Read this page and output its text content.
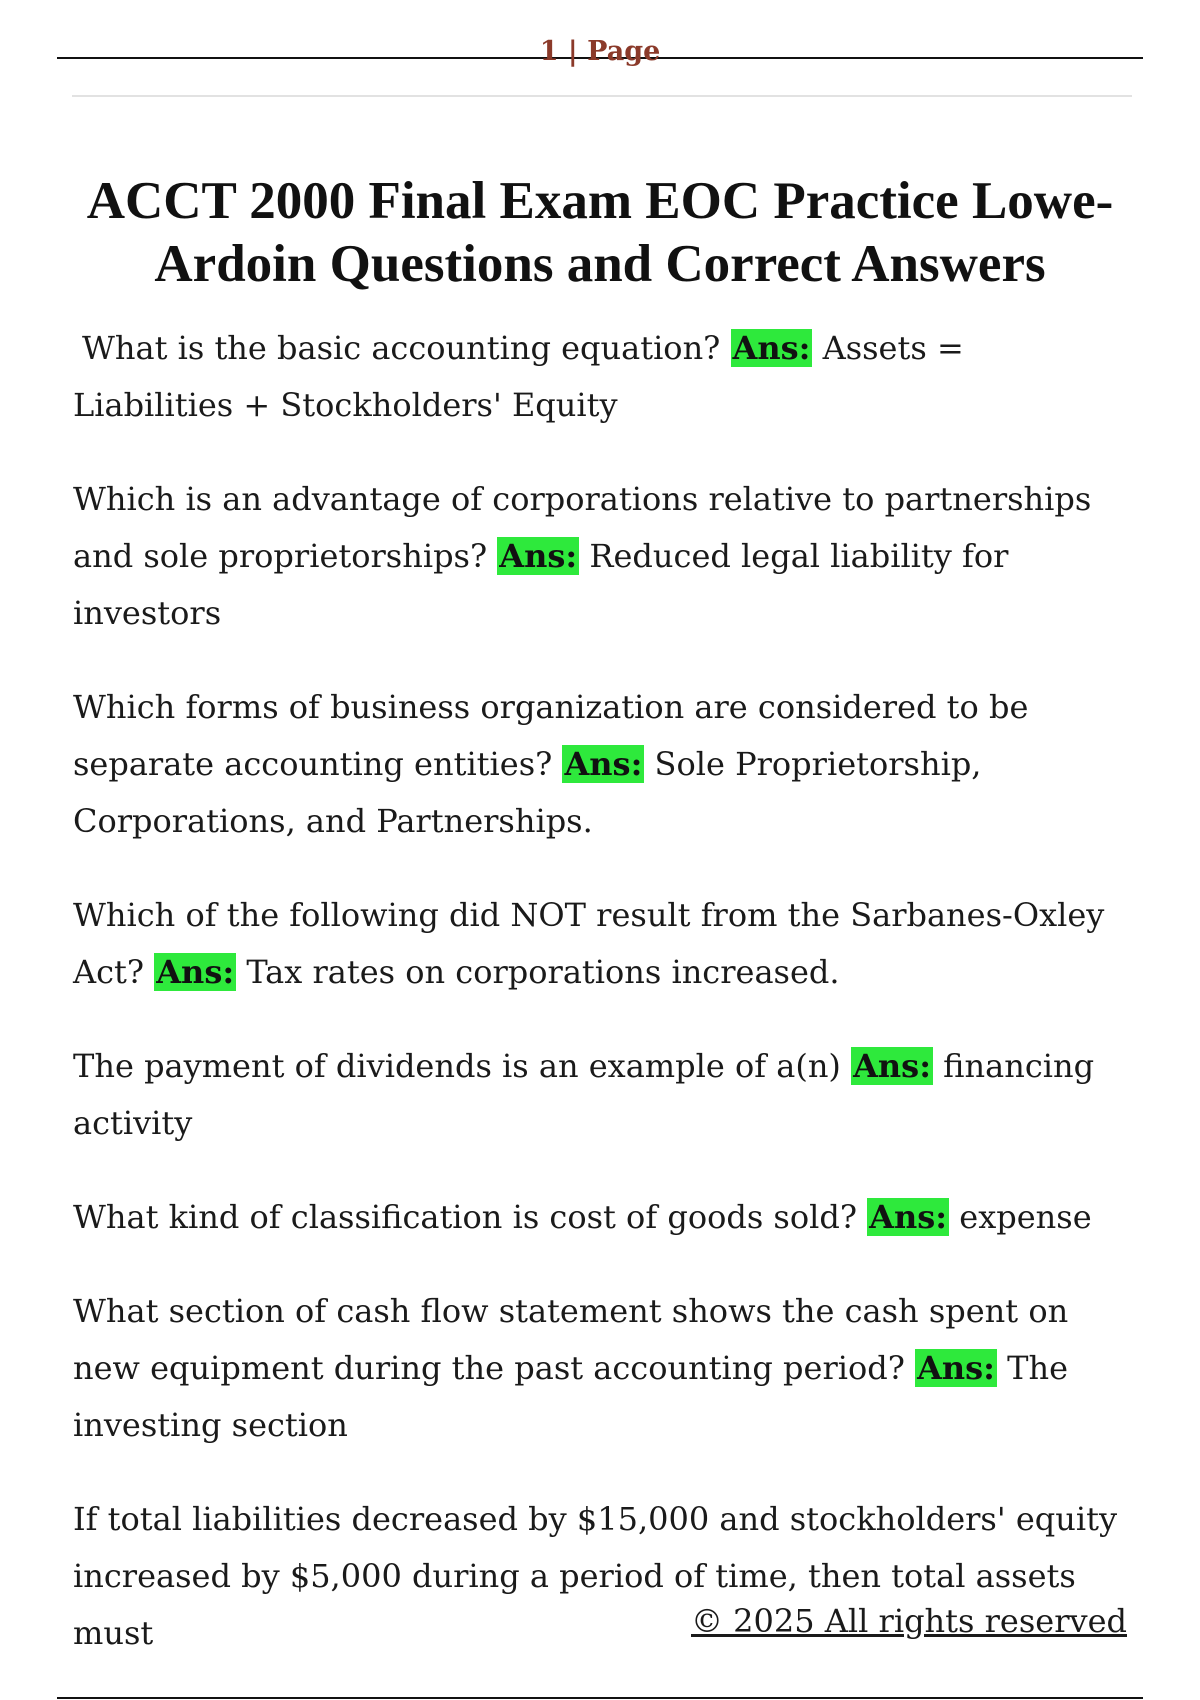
1 | Page
ACCT 2000 Final Exam EOC Practice Lowe-
Ardoin Questions and Correct Answers

What is the basic accounting equation? Ans: Assets = Liabilities + Stockholders' Equity

Which is an advantage of corporations relative to partnerships and sole proprietorships? Ans: Reduced legal liability for investors

Which forms of business organization are considered to be separate accounting entities? Ans: Sole Proprietorship, Corporations, and Partnerships.

Which of the following did NOT result from the Sarbanes-Oxley Act? Ans: Tax rates on corporations increased.

The payment of dividends is an example of a(n) Ans: financing activity

What kind of classification is cost of goods sold? Ans: expense

What section of cash flow statement shows the cash spent on new equipment during the past accounting period? Ans: The investing section

If total liabilities decreased by $15,000 and stockholders' equity increased by $5,000 during a period of time, then total assets must	© 2025 All rights reserved
